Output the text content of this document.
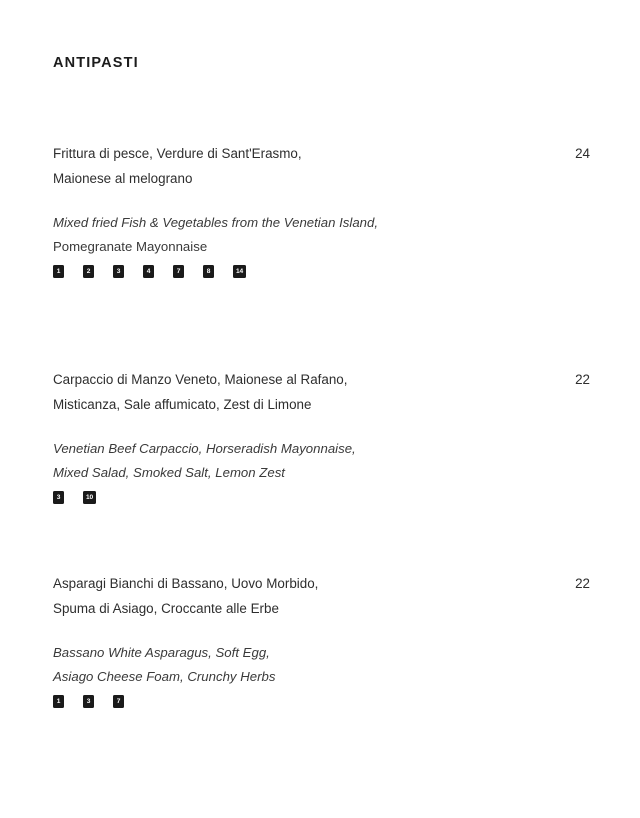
ANTIPASTI
Frittura di pesce, Verdure di Sant'Erasmo,
Maionese al melograno
24
Mixed fried Fish & Vegetables from the Venetian Island,
Pomegranate Mayonnaise
1	2	3	4	7	8	14
Carpaccio di Manzo Veneto, Maionese al Rafano,
Misticanza, Sale affumicato, Zest di Limone
22
Venetian Beef Carpaccio, Horseradish Mayonnaise,
Mixed Salad, Smoked Salt, Lemon Zest
3	10
Asparagi Bianchi di Bassano, Uovo Morbido,
Spuma di Asiago, Croccante alle Erbe
22
Bassano White Asparagus, Soft Egg,
Asiago Cheese Foam, Crunchy Herbs
1	3	7
